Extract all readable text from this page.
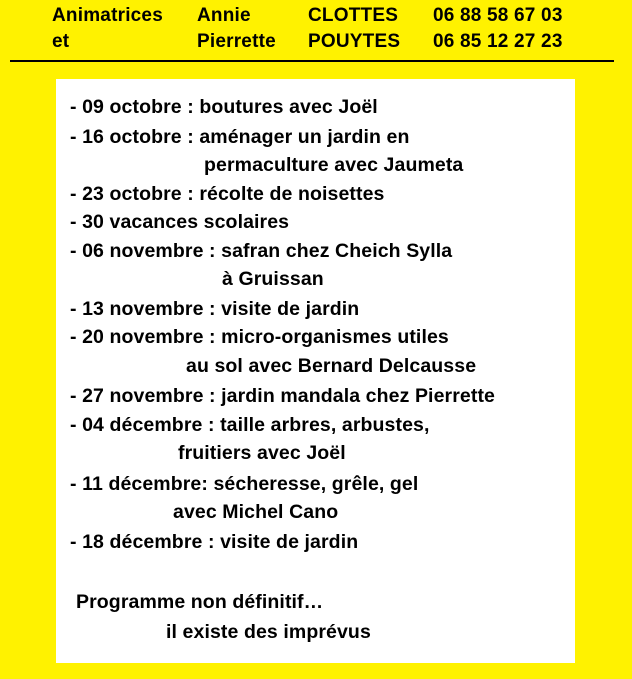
Animatrices Annie	CLOTTES 06 88 58 67 03
et	Pierrette POUYTES 06 85 12 27 23
- 09 octobre : boutures avec Joël
- 16 octobre : aménager un jardin en
permaculture avec Jaumeta
- 23 octobre : récolte de noisettes
- 30 vacances scolaires
- 06 novembre : safran chez Cheich Sylla
à Gruissan
- 13 novembre : visite de jardin
- 20 novembre : micro-organismes utiles
au sol avec Bernard Delcausse
- 27 novembre : jardin mandala chez Pierrette
- 04 décembre : taille arbres, arbustes,
fruitiers avec Joël
- 11 décembre: sécheresse, grêle, gel
avec Michel Cano
- 18 décembre : visite de jardin
Programme non définitif…
il existe des imprévus
